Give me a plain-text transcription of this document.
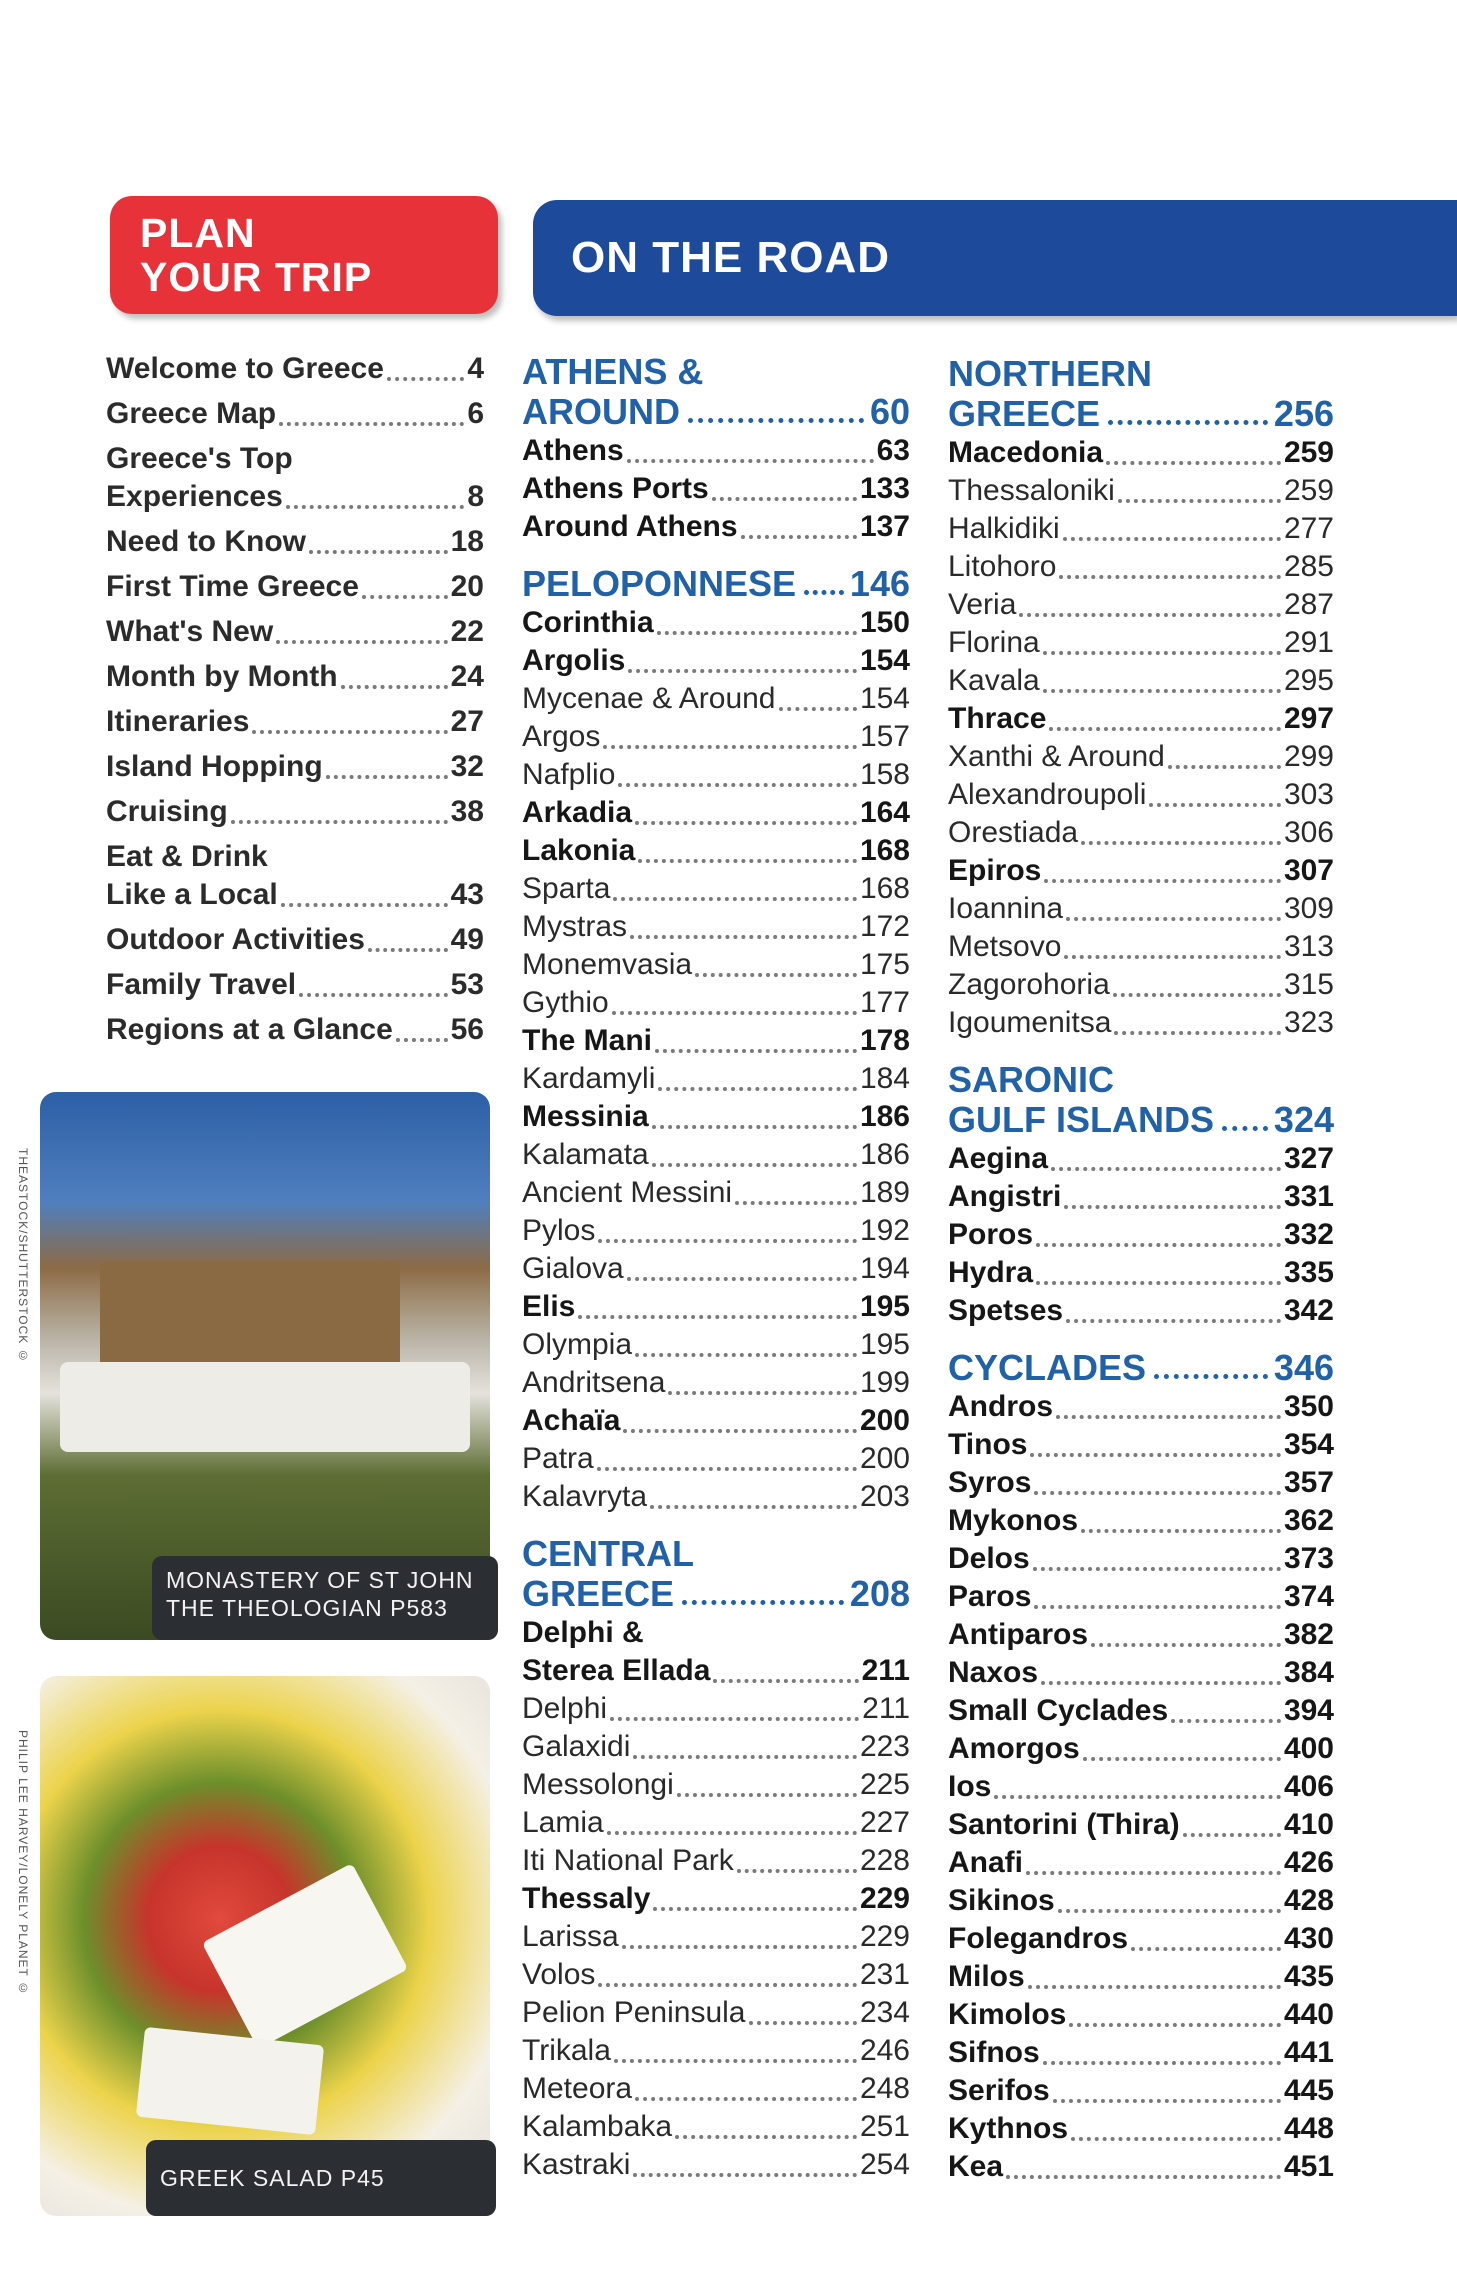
PLAN
YOUR TRIP	ON THE ROAD
Welcome to Greece	4
Greece Map	6
Greece's Top
Experiences	8
Need to Know	18
First Time Greece	20
What's New	22
Month by Month	24
Itineraries	27
Island Hopping	32
Cruising	38
Eat & Drink
Like a Local	43
Outdoor Activities	49
Family Travel	53
Regions at a Glance 56
MONASTERY OF ST JOHN
THE THEOLOGIAN P583
THEASTOCK/SHUTTERSTOCK ©
GREEK SALAD P45
PHILIP LEE HARVEY/LONELY PLANET ©
ATHENS &
AROUND	60
Athens	63
Athens Ports	133
Around Athens	137
PELOPONNESE 146
Corinthia	150
Argolis	154
Mycenae & Around	154
Argos	157
Nafplio	158
Arkadia	164
Lakonia	168
Sparta	168
Mystras	172
Monemvasia	175
Gythio	177
The Mani	178
Kardamyli	184
Messinia	186
Kalamata	186
Ancient Messini	189
Pylos	192
Gialova	194
Elis	195
Olympia	195
Andritsena	199
Achaïa	200
Patra	200
Kalavryta	203
CENTRAL
GREECE	208
Delphi &
Sterea Ellada	211
Delphi	211
Galaxidi	223
Messolongi	225
Lamia	227
Iti National Park	228
Thessaly	229
Larissa	229
Volos	231
Pelion Peninsula	234
Trikala	246
Meteora	248
Kalambaka	251
Kastraki	254
NORTHERN
GREECE	256
Macedonia	259
Thessaloniki	259
Halkidiki	277
Litohoro	285
Veria	287
Florina	291
Kavala	295
Thrace	297
Xanthi & Around	299
Alexandroupoli	303
Orestiada	306
Epiros	307
Ioannina	309
Metsovo	313
Zagorohoria	315
Igoumenitsa	323
SARONIC
GULF ISLANDS 324
Aegina	327
Angistri	331
Poros	332
Hydra	335
Spetses	342
CYCLADES	346
Andros	350
Tinos	354
Syros	357
Mykonos	362
Delos	373
Paros	374
Antiparos	382
Naxos	384
Small Cyclades	394
Amorgos	400
Ios	406
Santorini (Thira)	410
Anafi	426
Sikinos	428
Folegandros	430
Milos	435
Kimolos	440
Sifnos	441
Serifos	445
Kythnos	448
Kea	451
